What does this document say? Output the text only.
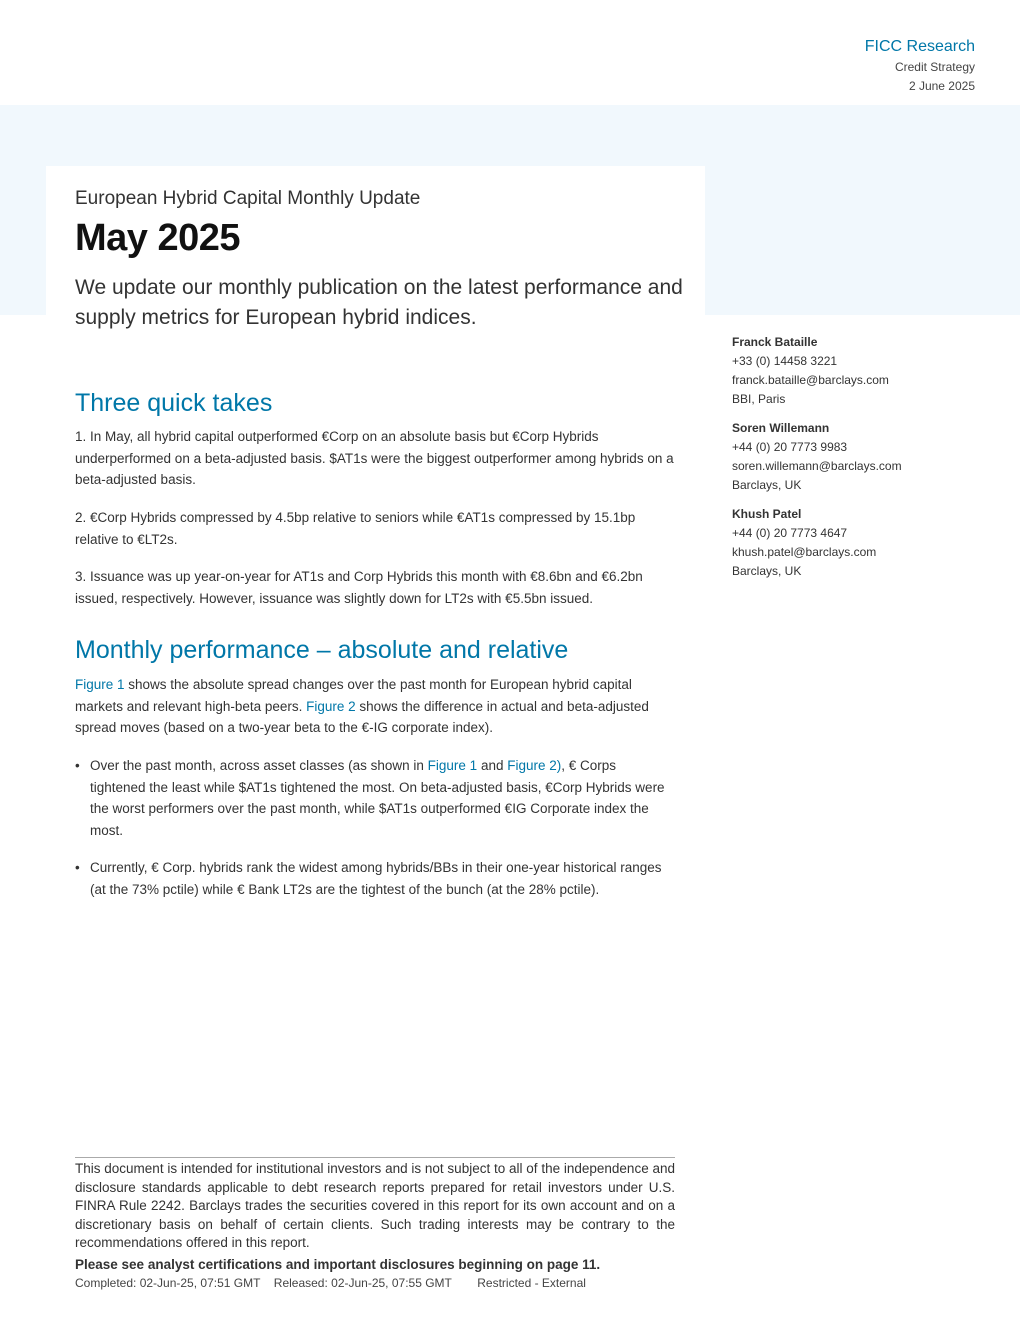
FICC Research
Credit Strategy
2 June 2025
European Hybrid Capital Monthly Update
May 2025
We update our monthly publication on the latest performance and supply metrics for European hybrid indices.
Franck Bataille
+33 (0) 14458 3221
franck.bataille@barclays.com
BBI, Paris
Soren Willemann
+44 (0) 20 7773 9983
soren.willemann@barclays.com
Barclays, UK
Khush Patel
+44 (0) 20 7773 4647
khush.patel@barclays.com
Barclays, UK
Three quick takes

1. In May, all hybrid capital outperformed €Corp on an absolute basis but €Corp Hybrids underperformed on a beta-adjusted basis. $AT1s were the biggest outperformer among hybrids on a beta-adjusted basis.

2. €Corp Hybrids compressed by 4.5bp relative to seniors while €AT1s compressed by 15.1bp relative to €LT2s.

3. Issuance was up year-on-year for AT1s and Corp Hybrids this month with €8.6bn and €6.2bn issued, respectively. However, issuance was slightly down for LT2s with €5.5bn issued.

Monthly performance – absolute and relative

Figure 1 shows the absolute spread changes over the past month for European hybrid capital markets and relevant high-beta peers. Figure 2 shows the difference in actual and beta-adjusted spread moves (based on a two-year beta to the €-IG corporate index).

• Over the past month, across asset classes (as shown in Figure 1 and Figure 2), € Corps tightened the least while $AT1s tightened the most. On beta-adjusted basis, €Corp Hybrids were the worst performers over the past month, while $AT1s outperformed €IG Corporate index the most.
• Currently, € Corp. hybrids rank the widest among hybrids/BBs in their one-year historical ranges (at the 73% pctile) while € Bank LT2s are the tightest of the bunch (at the 28% pctile).

This document is intended for institutional investors and is not subject to all of the independence and disclosure standards applicable to debt research reports prepared for retail investors under U.S. FINRA Rule 2242. Barclays trades the securities covered in this report for its own account and on a discretionary basis on behalf of certain clients. Such trading interests may be contrary to the recommendations offered in this report.

Please see analyst certifications and important disclosures beginning on page 11.
Completed: 02-Jun-25, 07:51 GMT Released: 02-Jun-25, 07:55 GMT Restricted - External
